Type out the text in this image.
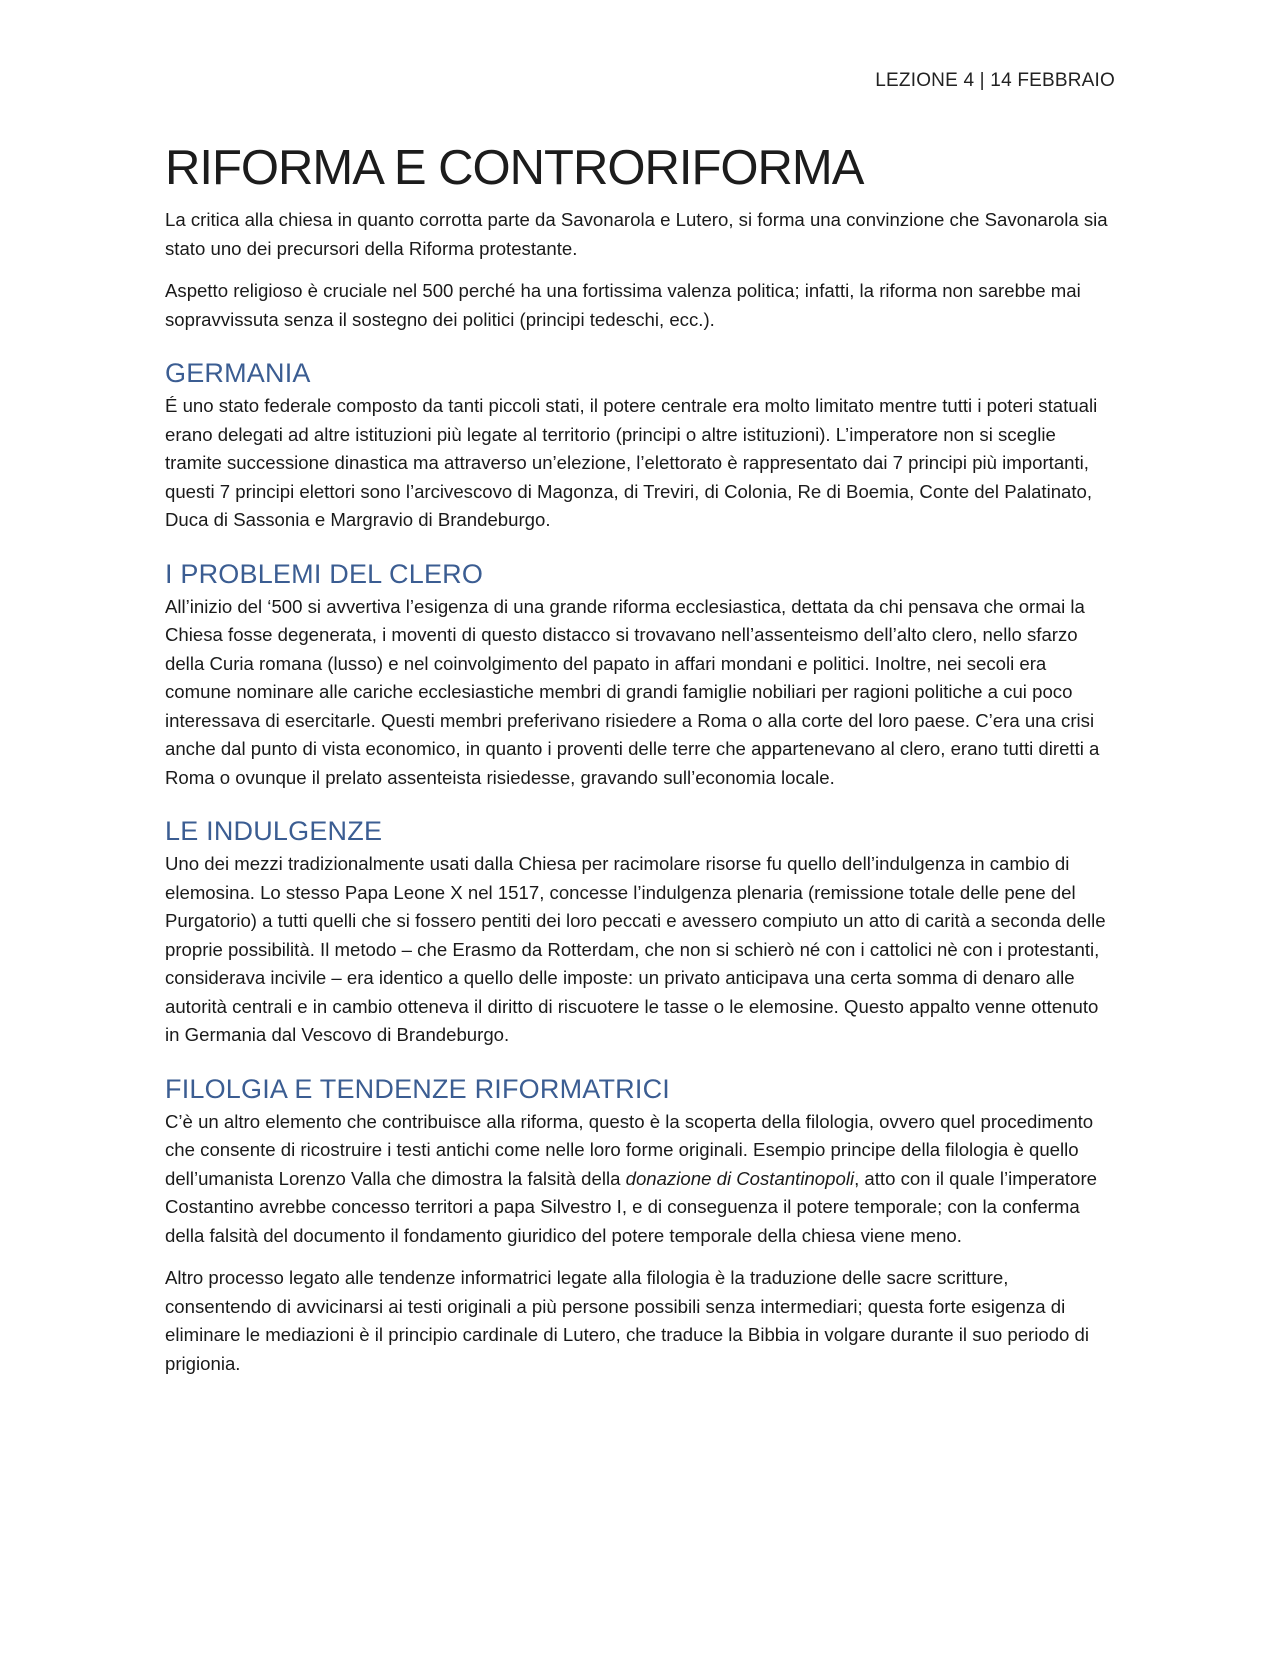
LEZIONE 4 | 14 FEBBRAIO
RIFORMA E CONTRORIFORMA

La critica alla chiesa in quanto corrotta parte da Savonarola e Lutero, si forma una convinzione che Savonarola sia stato uno dei precursori della Riforma protestante.

Aspetto religioso è cruciale nel 500 perché ha una fortissima valenza politica; infatti, la riforma non sarebbe mai sopravvissuta senza il sostegno dei politici (principi tedeschi, ecc.).

GERMANIA

É uno stato federale composto da tanti piccoli stati, il potere centrale era molto limitato mentre tutti i poteri statuali erano delegati ad altre istituzioni più legate al territorio (principi o altre istituzioni). L’imperatore non si sceglie tramite successione dinastica ma attraverso un’elezione, l’elettorato è rappresentato dai 7 principi più importanti, questi 7 principi elettori sono l’arcivescovo di Magonza, di Treviri, di Colonia, Re di Boemia, Conte del Palatinato, Duca di Sassonia e Margravio di Brandeburgo.

I PROBLEMI DEL CLERO

All’inizio del ‘500 si avvertiva l’esigenza di una grande riforma ecclesiastica, dettata da chi pensava che ormai la Chiesa fosse degenerata, i moventi di questo distacco si trovavano nell’assenteismo dell’alto clero, nello sfarzo della Curia romana (lusso) e nel coinvolgimento del papato in affari mondani e politici. Inoltre, nei secoli era comune nominare alle cariche ecclesiastiche membri di grandi famiglie nobiliari per ragioni politiche a cui poco interessava di esercitarle. Questi membri preferivano risiedere a Roma o alla corte del loro paese. C’era una crisi anche dal punto di vista economico, in quanto i proventi delle terre che appartenevano al clero, erano tutti diretti a Roma o ovunque il prelato assenteista risiedesse, gravando sull’economia locale.

LE INDULGENZE

Uno dei mezzi tradizionalmente usati dalla Chiesa per racimolare risorse fu quello dell’indulgenza in cambio di elemosina. Lo stesso Papa Leone X nel 1517, concesse l’indulgenza plenaria (remissione totale delle pene del Purgatorio) a tutti quelli che si fossero pentiti dei loro peccati e avessero compiuto un atto di carità a seconda delle proprie possibilità. Il metodo – che Erasmo da Rotterdam, che non si schierò né con i cattolici nè con i protestanti, considerava incivile – era identico a quello delle imposte: un privato anticipava una certa somma di denaro alle autorità centrali e in cambio otteneva il diritto di riscuotere le tasse o le elemosine. Questo appalto venne ottenuto in Germania dal Vescovo di Brandeburgo.

FILOLGIA E TENDENZE RIFORMATRICI

C’è un altro elemento che contribuisce alla riforma, questo è la scoperta della filologia, ovvero quel procedimento che consente di ricostruire i testi antichi come nelle loro forme originali. Esempio principe della filologia è quello dell’umanista Lorenzo Valla che dimostra la falsità della donazione di Costantinopoli, atto con il quale l’imperatore Costantino avrebbe concesso territori a papa Silvestro I, e di conseguenza il potere temporale; con la conferma della falsità del documento il fondamento giuridico del potere temporale della chiesa viene meno.

Altro processo legato alle tendenze informatrici legate alla filologia è la traduzione delle sacre scritture, consentendo di avvicinarsi ai testi originali a più persone possibili senza intermediari; questa forte esigenza di eliminare le mediazioni è il principio cardinale di Lutero, che traduce la Bibbia in volgare durante il suo periodo di prigionia.
